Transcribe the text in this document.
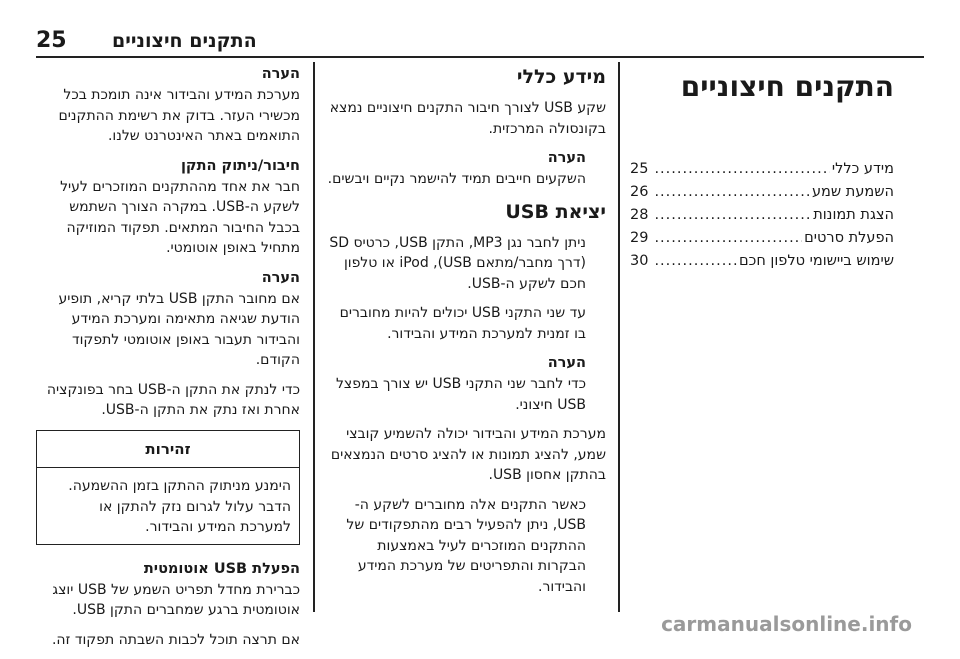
25 התקנים חיצוניים
התקנים חיצוניים
מידע כללי
.....
25
השמעת שמע
.....
26
הצגת תמונות
.....
28
הפעלת סרטים
.....
29
שימוש ביישומי טלפון חכם
.....
30
מידע כללי

שקע USB לצורך חיבור התקנים חיצוניים נמצא בקונסולה המרכזית.

הערה

השקעים חייבים תמיד להישמר נקיים ויבשים.

יציאת USB

ניתן לחבר נגן MP3, התקן USB, כרטיס SD (דרך מחבר/מתאם USB), iPod או טלפון חכם לשקע ה-USB.

עד שני התקני USB יכולים להיות מחוברים בו זמנית למערכת המידע והבידור.

הערה

כדי לחבר שני התקני USB יש צורך במפצל USB חיצוני.

מערכת המידע והבידור יכולה להשמיע קובצי שמע, להציג תמונות או להציג סרטים הנמצאים בהתקן אחסון USB.

כאשר התקנים אלה מחוברים לשקע ה-USB, ניתן להפעיל רבים מהתפקודים של ההתקנים המוזכרים לעיל באמצעות הבקרות והתפריטים של מערכת המידע והבידור.

הערה

מערכת המידע והבידור אינה תומכת בכל מכשירי העזר. בדוק את רשימת ההתקנים התואמים באתר האינטרנט שלנו.

חיבור/ניתוק התקן

חבר את אחד מההתקנים המוזכרים לעיל לשקע ה-USB. במקרה הצורך השתמש בכבל החיבור המתאים. תפקוד המוזיקה מתחיל באופן אוטומטי.

הערה

אם מחובר התקן USB בלתי קריא, תופיע הודעת שגיאה מתאימה ומערכת המידע והבידור תעבור באופן אוטומטי לתפקוד הקודם.

כדי לנתק את התקן ה-USB בחר בפונקציה אחרת ואז נתק את התקן ה-USB.

זהירות
הימנע מניתוק ההתקן בזמן ההשמעה. הדבר עלול לגרום נזק להתקן או למערכת המידע והבידור.
הפעלת USB אוטומטית

כברירת מחדל תפריט השמע של USB יוצג אוטומטית ברגע שמחברים התקן USB.

אם תרצה תוכל לכבות השבתה תפקוד זה.

carmanualsonline.info
